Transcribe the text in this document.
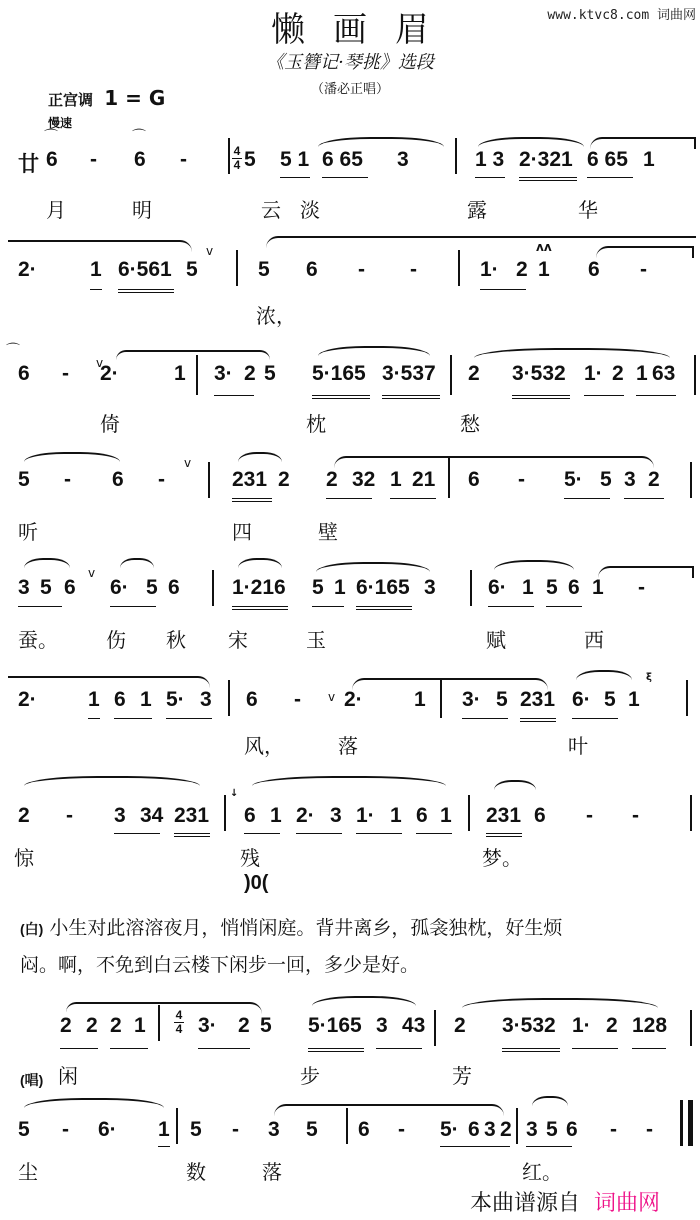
懒画眉	www.ktvc8.com 词曲网
《玉簪记·琴挑》选段
（潘必正唱）
正宫调 1 = G
慢速
廿 6 - 6 -	5 5 1 6 65 3	1 3 2·321 6 65 1
月	明	云 淡	露	华
2·	1 6·561 5	5 6 - -	1· 2 1 6 -
浓，
6 - 2·	1 3· 2 5 5·165 3·537 2 3·532 1· 2 1 63
倚	枕	愁
5 - 6 -	231 2 2 32 1 21 6 - 5· 5 3 2
听	四	壁
3 5 6 6· 5 6 1·216 5 1 6·165 3 6· 1 5 6 1 -
蚕。 伤 秋 宋	玉	赋	西
2· 1 6 1 5· 3 6 - 2· 1 3· 5 231 6· 5 1
风，	落	叶
2 - 3 34 231 6 1 2· 3 1· 1 6 1 231 6 - -
惊	残	梦。
2 2 2 1 3· 2 5 5·165 3 43 2 3·532 1· 2 128
闲	步	芳
5 - 6· 1 5 - 3 5 6 - 5· 6 3 2 3 5 6 - -
尘	数	落	红。
4
4
⌒	⌒
v	ʌʌ
⌒
v
v
v
v
ξ
↓
4
4
)0(
(白) 小生对此溶溶夜月，悄悄闲庭。背井离乡，孤衾独枕，好生烦
闷。啊，不免到白云楼下闲步一回，多少是好。
(唱)
本曲谱源自 词曲网
